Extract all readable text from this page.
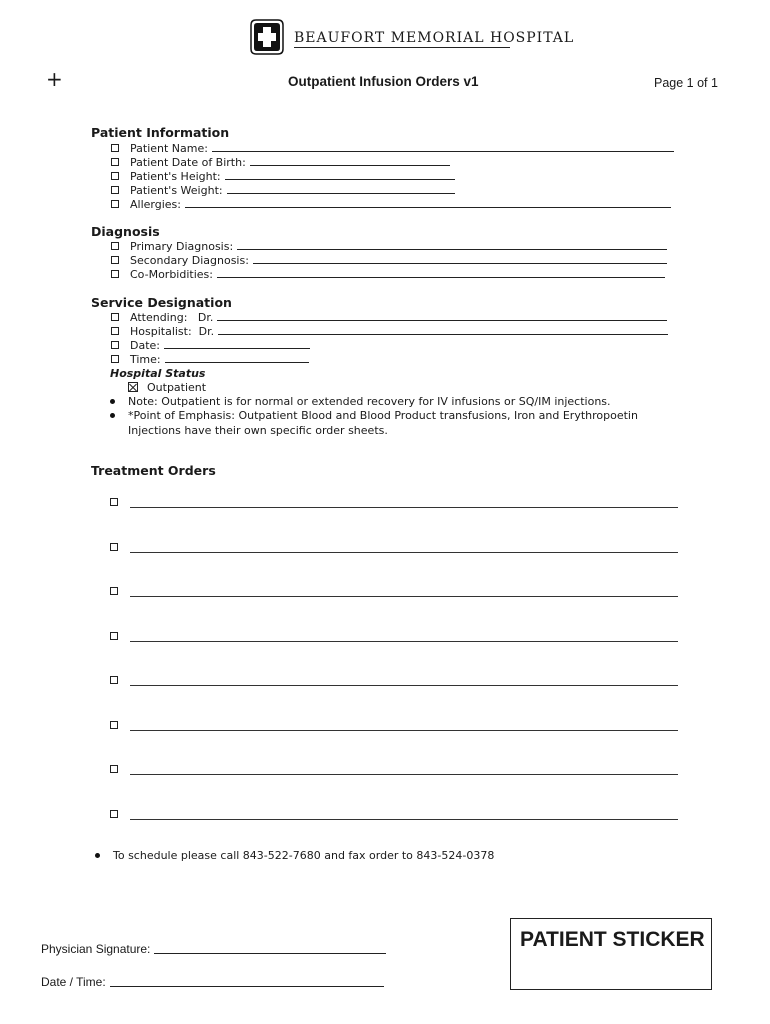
BEAUFORT MEMORIAL HOSPITAL
+	Outpatient Infusion Orders v1	Page 1 of 1
Patient Information
Patient Name:
Patient Date of Birth:
Patient's Height:
Patient's Weight:
Allergies:
Diagnosis
Primary Diagnosis:
Secondary Diagnosis:
Co-Morbidities:
Service Designation
Attending:   Dr.
Hospitalist:  Dr.
Date:
Time:
Hospital Status
Outpatient
Note: Outpatient is for normal or extended recovery for IV infusions or SQ/IM injections.
*Point of Emphasis: Outpatient Blood and Blood Product transfusions, Iron and Erythropoetin
Injections have their own specific order sheets.
Treatment Orders
To schedule please call 843-522-7680 and fax order to 843-524-0378
Physician Signature:
Date / Time:
PATIENT STICKER
